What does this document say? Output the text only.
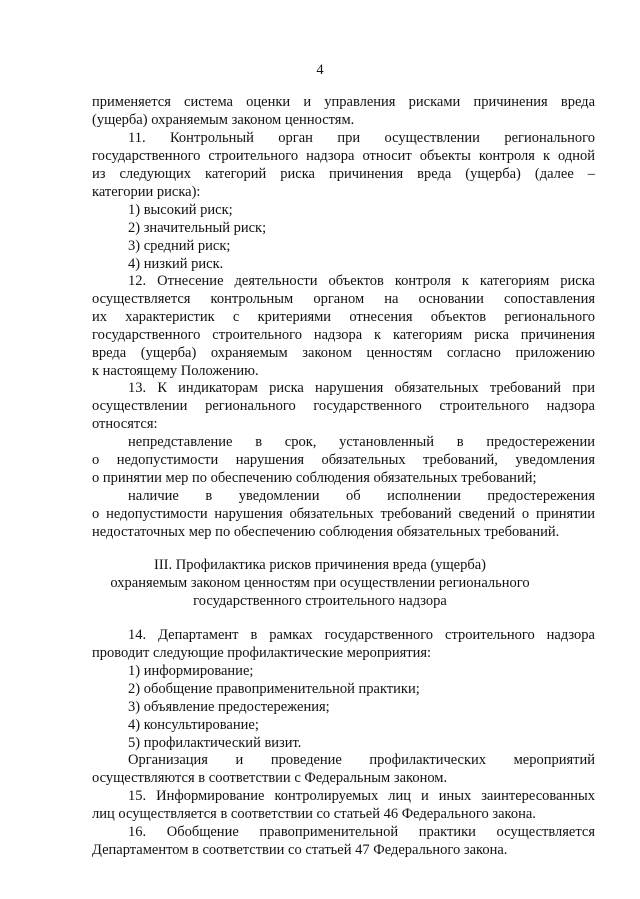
4
применяется система оценки и управления рисками причинения вреда
(ущерба) охраняемым законом ценностям.
11. Контрольный орган при осуществлении регионального
государственного строительного надзора относит объекты контроля к одной
из следующих категорий риска причинения вреда (ущерба) (далее –
категории риска):
1) высокий риск;
2) значительный риск;
3) средний риск;
4) низкий риск.
12. Отнесение деятельности объектов контроля к категориям риска
осуществляется контрольным органом на основании сопоставления
их характеристик с критериями отнесения объектов регионального
государственного строительного надзора к категориям риска причинения
вреда (ущерба) охраняемым законом ценностям согласно приложению
к настоящему Положению.
13. К индикаторам риска нарушения обязательных требований при
осуществлении регионального государственного строительного надзора
относятся:
непредставление в срок, установленный в предостережении
о недопустимости нарушения обязательных требований, уведомления
о принятии мер по обеспечению соблюдения обязательных требований;
наличие в уведомлении об исполнении предостережения
о недопустимости нарушения обязательных требований сведений о принятии
недостаточных мер по обеспечению соблюдения обязательных требований.
III. Профилактика рисков причинения вреда (ущерба)
охраняемым законом ценностям при осуществлении регионального
государственного строительного надзора
14. Департамент в рамках государственного строительного надзора
проводит следующие профилактические мероприятия:
1) информирование;
2) обобщение правоприменительной практики;
3) объявление предостережения;
4) консультирование;
5) профилактический визит.
Организация и проведение профилактических мероприятий
осуществляются в соответствии с Федеральным законом.
15. Информирование контролируемых лиц и иных заинтересованных
лиц осуществляется в соответствии со статьей 46 Федерального закона.
16. Обобщение правоприменительной практики осуществляется
Департаментом в соответствии со статьей 47 Федерального закона.
